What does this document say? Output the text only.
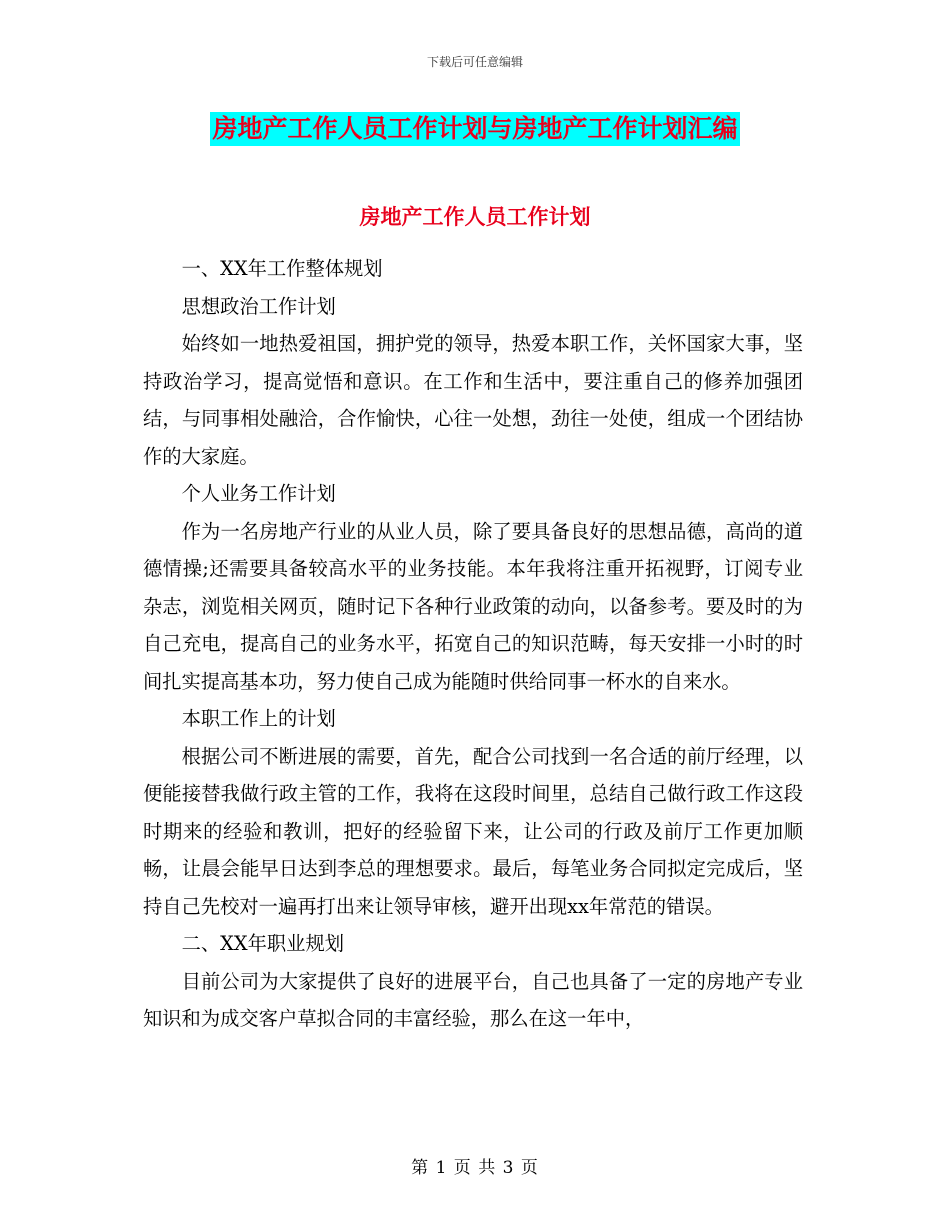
下载后可任意编辑
房地产工作人员工作计划与房地产工作计划汇编
房地产工作人员工作计划

一、XX年工作整体规划

思想政治工作计划

始终如一地热爱祖国，拥护党的领导，热爱本职工作，关怀国家大事，坚持政治学习，提高觉悟和意识。在工作和生活中，要注重自己的修养加强团结，与同事相处融洽，合作愉快，心往一处想，劲往一处使，组成一个团结协作的大家庭。

个人业务工作计划

作为一名房地产行业的从业人员，除了要具备良好的思想品德，高尚的道德情操;还需要具备较高水平的业务技能。本年我将注重开拓视野，订阅专业杂志，浏览相关网页，随时记下各种行业政策的动向，以备参考。要及时的为自己充电，提高自己的业务水平，拓宽自己的知识范畴，每天安排一小时的时间扎实提高基本功，努力使自己成为能随时供给同事一杯水的自来水。

本职工作上的计划

根据公司不断进展的需要，首先，配合公司找到一名合适的前厅经理，以便能接替我做行政主管的工作，我将在这段时间里，总结自己做行政工作这段时期来的经验和教训，把好的经验留下来，让公司的行政及前厅工作更加顺畅，让晨会能早日达到李总的理想要求。最后，每笔业务合同拟定完成后，坚持自己先校对一遍再打出来让领导审核，避开出现xx年常范的错误。

二、XX年职业规划

目前公司为大家提供了良好的进展平台，自己也具备了一定的房地产专业知识和为成交客户草拟合同的丰富经验，那么在这一年中，

第 1 页 共 3 页
